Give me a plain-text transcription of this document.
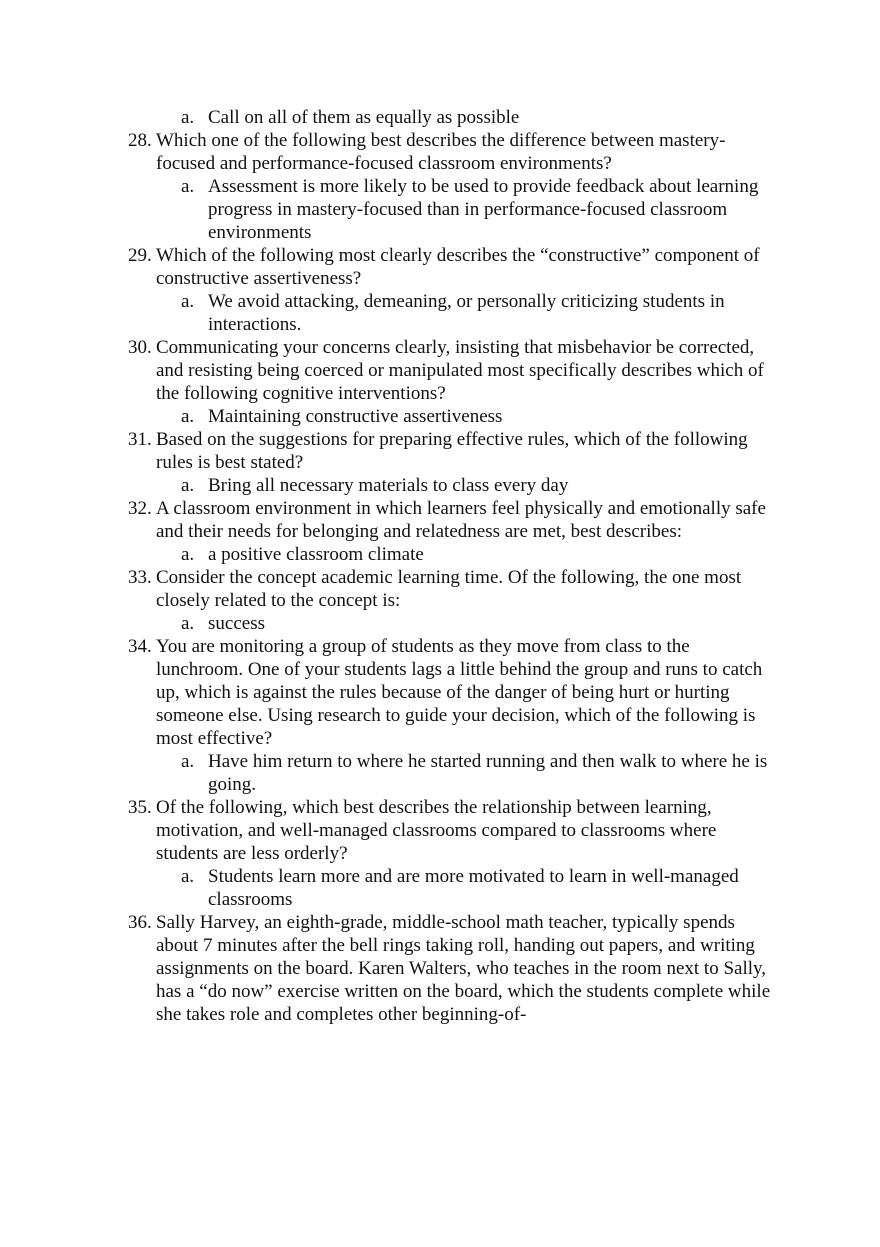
a. Call on all of them as equally as possible
28. Which one of the following best describes the difference between mastery-focused and performance-focused classroom environments?
a. Assessment is more likely to be used to provide feedback about learning progress in mastery-focused than in performance-focused classroom environments
29. Which of the following most clearly describes the “constructive” component of constructive assertiveness?
a. We avoid attacking, demeaning, or personally criticizing students in interactions.
30. Communicating your concerns clearly, insisting that misbehavior be corrected, and resisting being coerced or manipulated most specifically describes which of the following cognitive interventions?
a. Maintaining constructive assertiveness
31. Based on the suggestions for preparing effective rules, which of the following rules is best stated?
a. Bring all necessary materials to class every day
32. A classroom environment in which learners feel physically and emotionally safe and their needs for belonging and relatedness are met, best describes:
a. a positive classroom climate
33. Consider the concept academic learning time. Of the following, the one most closely related to the concept is:
a. success
34. You are monitoring a group of students as they move from class to the lunchroom. One of your students lags a little behind the group and runs to catch up, which is against the rules because of the danger of being hurt or hurting someone else. Using research to guide your decision, which of the following is most effective?
a. Have him return to where he started running and then walk to where he is going.
35. Of the following, which best describes the relationship between learning, motivation, and well-managed classrooms compared to classrooms where students are less orderly?
a. Students learn more and are more motivated to learn in well-managed classrooms
36. Sally Harvey, an eighth-grade, middle-school math teacher, typically spends about 7 minutes after the bell rings taking roll, handing out papers, and writing assignments on the board. Karen Walters, who teaches in the room next to Sally, has a “do now” exercise written on the board, which the students complete while she takes role and completes other beginning-of-
